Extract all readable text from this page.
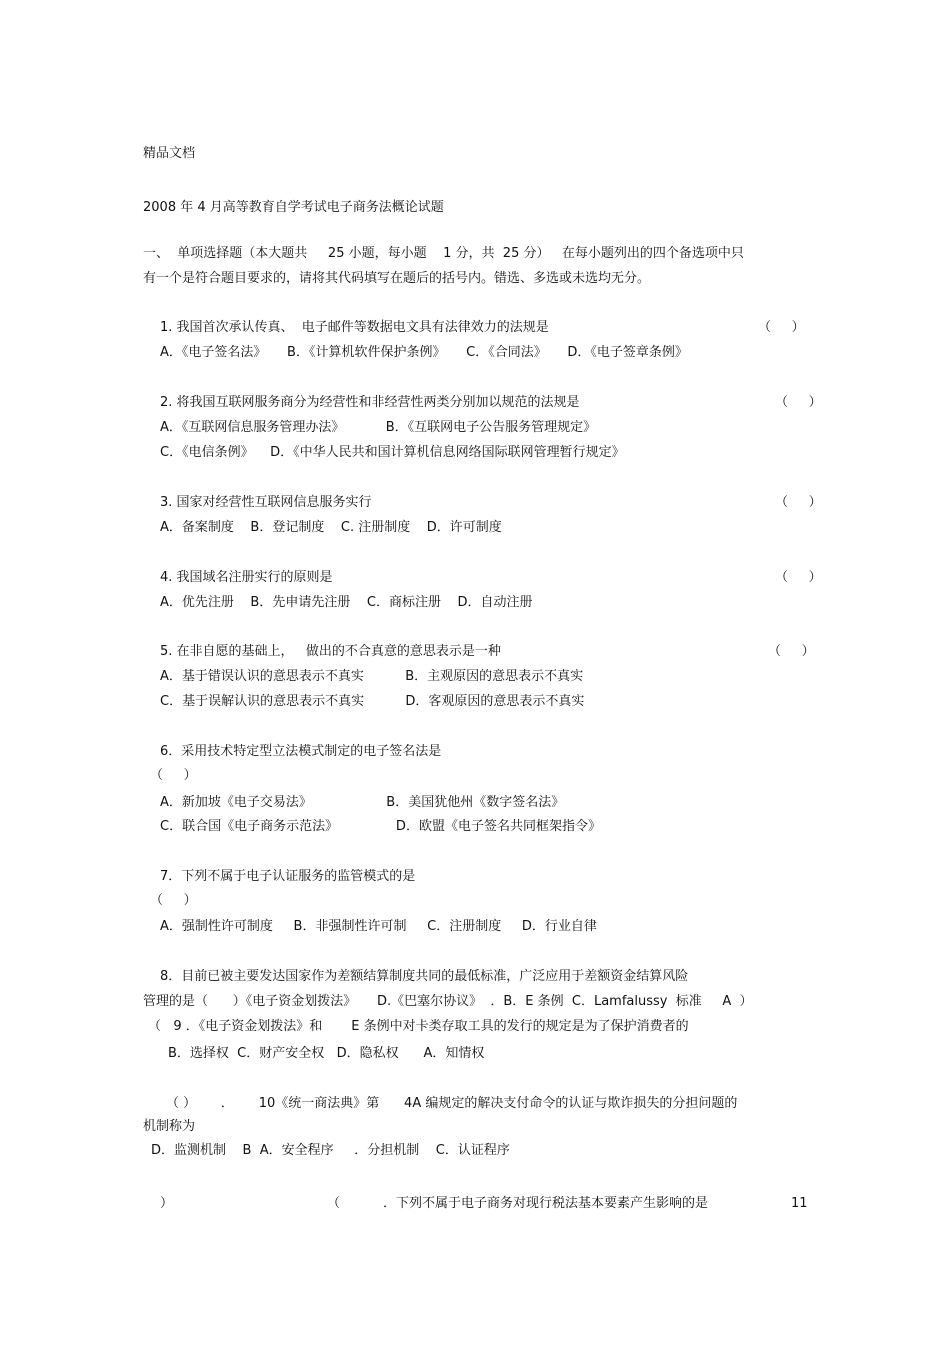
精品文档
2008 年 4 月高等教育自学考试电子商务法概论试题
一、  单项选择题（本大题共     25 小题，每小题    1 分，共  25 分）   在每小题列出的四个备选项中只
有一个是符合题目要求的，请将其代码填写在题后的括号内。错选、多选或未选均无分。
1. 我国首次承认传真、  电子邮件等数据电文具有法律效力的法规是	（     ）
A．《电子签名法》     B．《计算机软件保护条例》     C．《合同法》     D．《电子签章条例》
2. 将我国互联网服务商分为经营性和非经营性两类分别加以规范的法规是	（     ）
A．《互联网信息服务管理办法》          B．《互联网电子公告服务管理规定》
C．《电信条例》    D．《中华人民共和国计算机信息网络国际联网管理暂行规定》
3. 国家对经营性互联网信息服务实行	（     ）
A．备案制度    B．登记制度    C. 注册制度    D．许可制度
4. 我国域名注册实行的原则是	（     ）
A．优先注册    B．先申请先注册    C．商标注册    D．自动注册
5. 在非自愿的基础上，   做出的不合真意的意思表示是一种	（     ）
A．基于错误认识的意思表示不真实          B．主观原因的意思表示不真实
C．基于误解认识的意思表示不真实          D．客观原因的意思表示不真实
6．采用技术特定型立法模式制定的电子签名法是
（     ）
A．新加坡《电子交易法》                  B．美国犹他州《数字签名法》
C．联合国《电子商务示范法》              D．欧盟《电子签名共同框架指令》
7．下列不属于电子认证服务的监管模式的是
（     ）
A．强制性许可制度     B．非强制性许可制     C．注册制度     D．行业自律
8．目前已被主要发达国家作为差额结算制度共同的最低标准，广泛应用于差额资金结算风险
管理的是（      ）《电子资金划拨法》     D.《巴塞尔协议》  ．B．E 条例  C．Lamfalussy  标准     A  ）
（   9 ．《电子资金划拨法》和       E 条例中对卡类存取工具的发行的规定是为了保护消费者的
B．选择权  C．财产安全权   D．隐私权      A．知情权
（ ）      ．      10《统一商法典》第      4A 编规定的解决支付命令的认证与欺诈损失的分担问题的
机制称为
D．监测机制    B  A．安全程序     ．分担机制    C．认证程序
）	（	．下列不属于电子商务对现行税法基本要素产生影响的是	11
